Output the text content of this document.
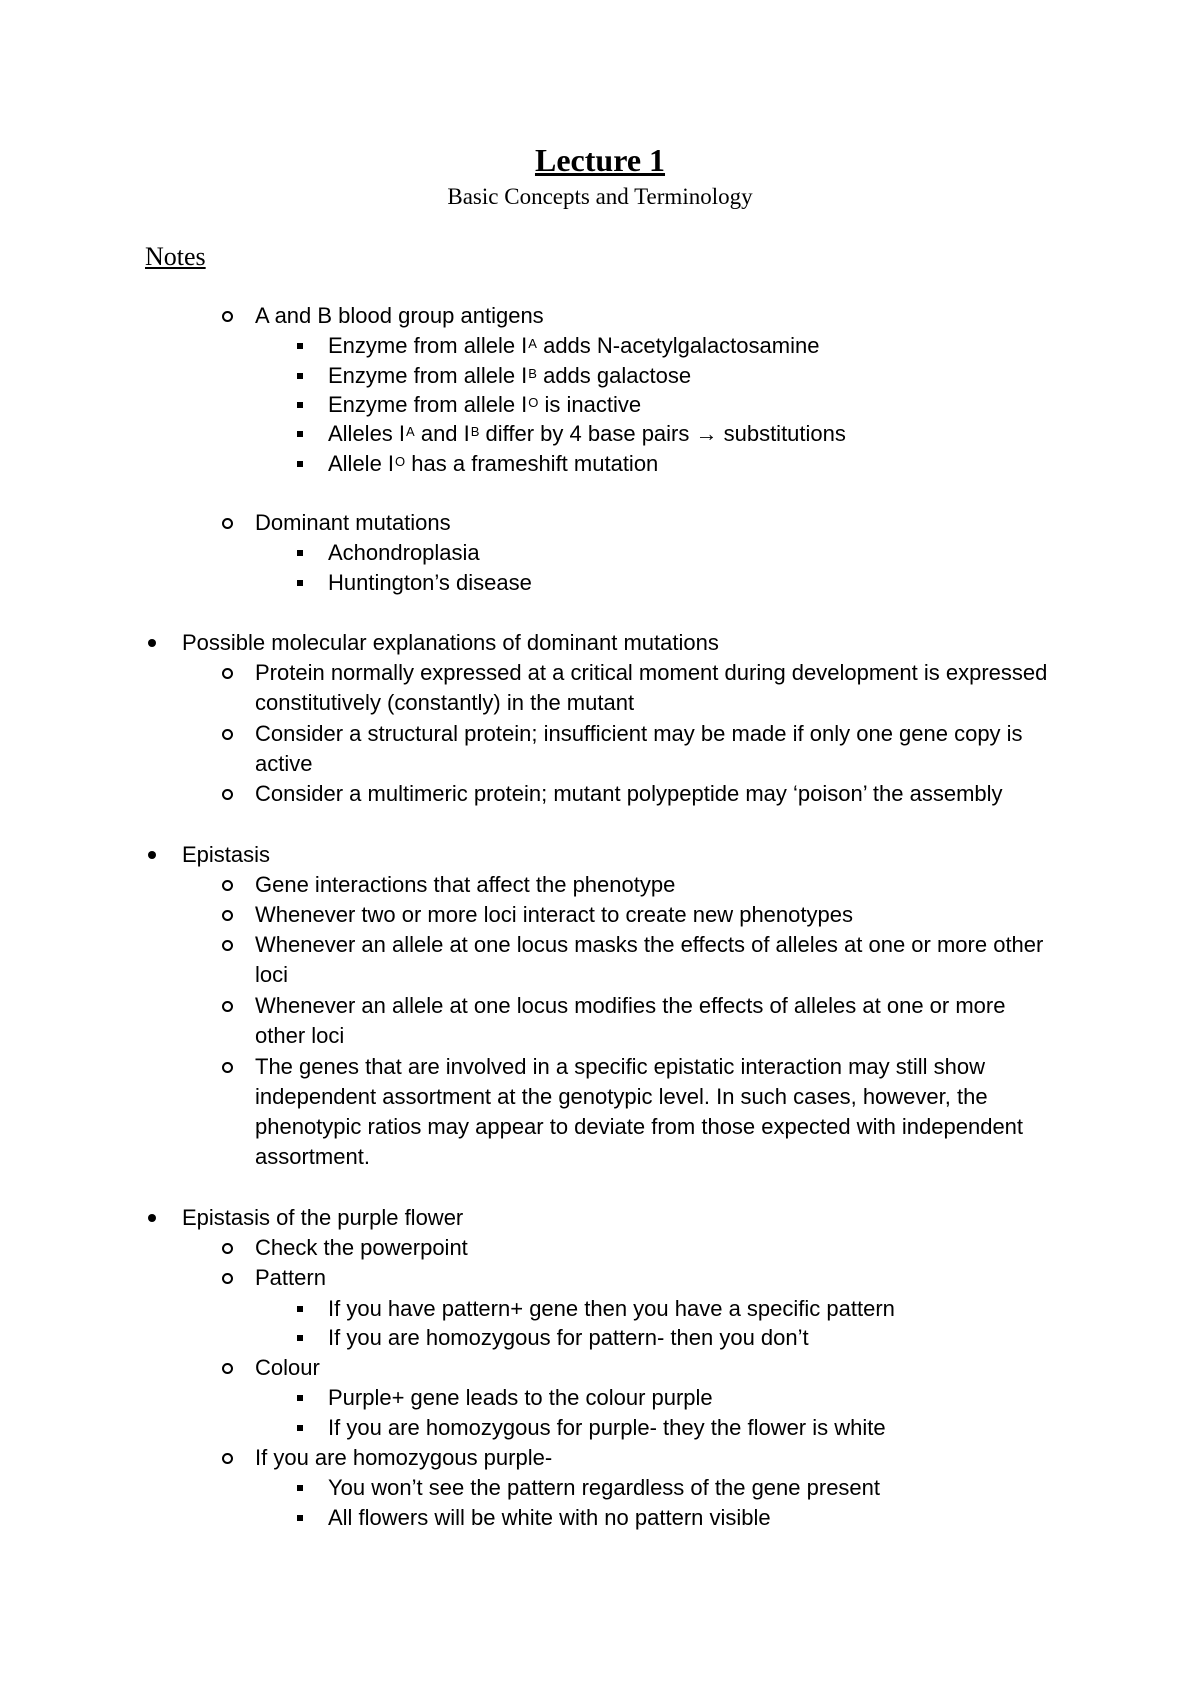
Lecture 1
Basic Concepts and Terminology
Notes
A and B blood group antigens
Enzyme from allele $I^A$ adds N-acetylgalactosamine
Enzyme from allele $I^B$ adds galactose
Enzyme from allele $I^O$ is inactive
Alleles $I^A$ and $I^B$ differ by 4 base pairs → substitutions
Allele $I^O$ has a frameshift mutation
Dominant mutations
Achondroplasia
Huntington’s disease
Possible molecular explanations of dominant mutations
Protein normally expressed at a critical moment during development is expressed
constitutively (constantly) in the mutant
Consider a structural protein; insufficient may be made if only one gene copy is
active
Consider a multimeric protein; mutant polypeptide may ‘poison’ the assembly
Epistasis
Gene interactions that affect the phenotype
Whenever two or more loci interact to create new phenotypes
Whenever an allele at one locus masks the effects of alleles at one or more other
loci
Whenever an allele at one locus modifies the effects of alleles at one or more
other loci
The genes that are involved in a specific epistatic interaction may still show
independent assortment at the genotypic level. In such cases, however, the
phenotypic ratios may appear to deviate from those expected with independent
assortment.
Epistasis of the purple flower
Check the powerpoint
Pattern
If you have pattern+ gene then you have a specific pattern
If you are homozygous for pattern- then you don’t
Colour
Purple+ gene leads to the colour purple
If you are homozygous for purple- they the flower is white
If you are homozygous purple-
You won’t see the pattern regardless of the gene present
All flowers will be white with no pattern visible
